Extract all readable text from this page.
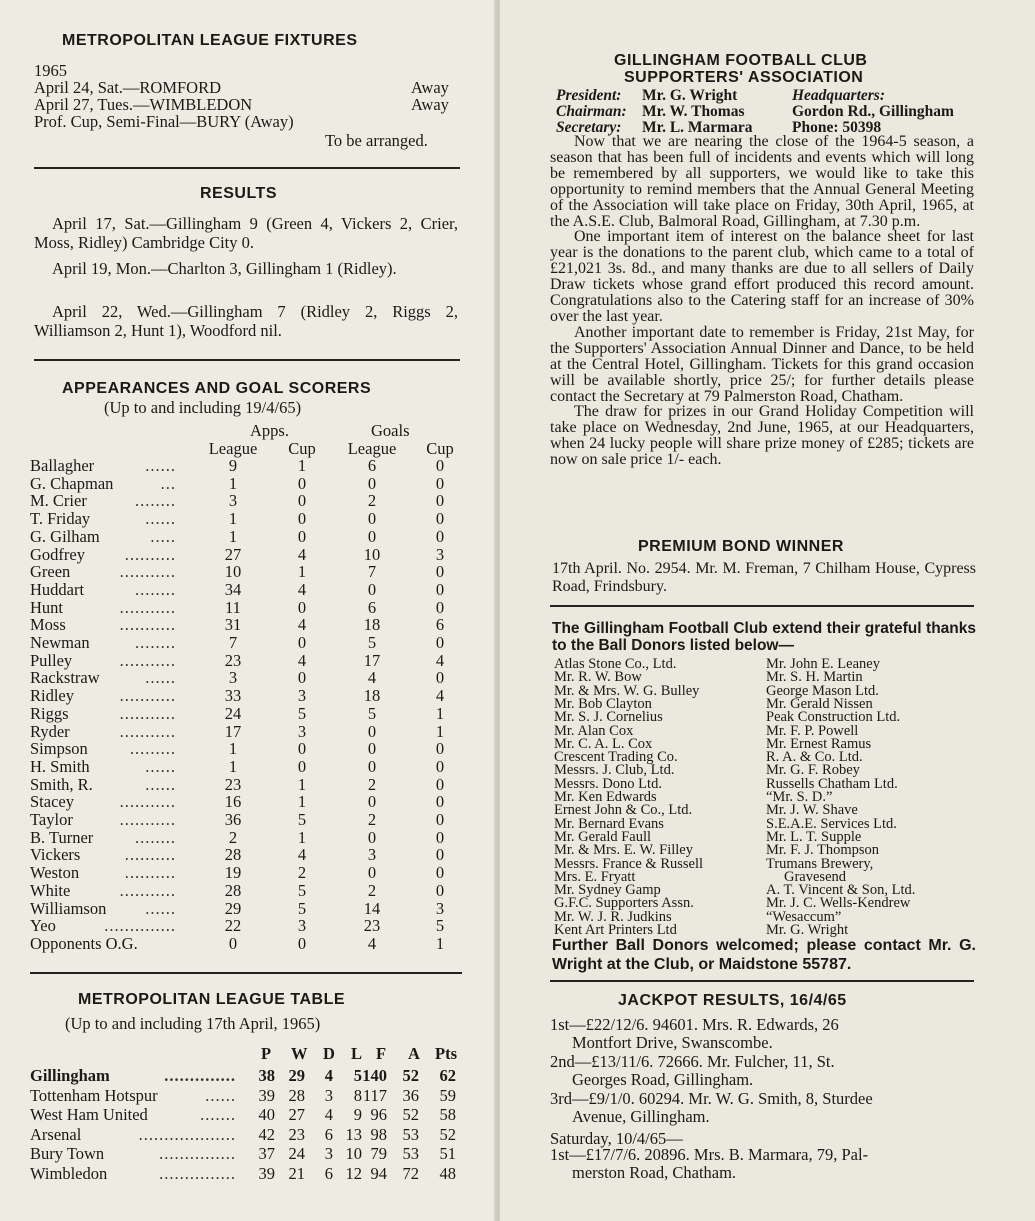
METROPOLITAN LEAGUE FIXTURES
1965
April 24, Sat.—ROMFORD	Away
April 27, Tues.—WIMBLEDON	Away
Prof. Cup, Semi-Final—BURY (Away)
To be arranged.
RESULTS

April 17, Sat.—Gillingham 9 (Green 4, Vickers 2, Crier, Moss, Ridley) Cambridge City 0.

April 19, Mon.—Charlton 3, Gillingham 1 (Ridley).

April 22, Wed.—Gillingham 7 (Ridley 2, Riggs 2, Williamson 2, Hunt 1), Woodford nil.

APPEARANCES AND GOAL SCORERS
(Up to and including 19/4/65)
Apps.	Goals
League	Cup	League	Cup
Ballagher	......	9	1	6	0
G. Chapman	...	1	0	0	0
M. Crier	........	3	0	2	0
T. Friday	......	1	0	0	0
G. Gilham	.....	1	0	0	0
Godfrey ..........	27	4	10	3
Green	...........	10	1	7	0
Huddart	........	34	4	0	0
Hunt	...........	11	0	6	0
Moss	...........	31	4	18	6
Newman	........	7	0	5	0
Pulley	...........	23	4	17	4
Rackstraw	......	3	0	4	0
Ridley	...........	33	3	18	4
Riggs	...........	24	5	5	1
Ryder	...........	17	3	0	1
Simpson	.........	1	0	0	0
H. Smith	......	1	0	0	0
Smith, R.	......	23	1	2	0
Stacey	...........	16	1	0	0
Taylor	...........	36	5	2	0
B. Turner	........	2	1	0	0
Vickers	..........	28	4	3	0
Weston	..........	19	2	0	0
White	...........	28	5	2	0
Williamson ......	29	5	14	3
Yeo	..............	22	3	23	5
Opponents O.G.	0	0	4	1
METROPOLITAN LEAGUE TABLE
(Up to and including 17th April, 1965)
P W D L F A Pts
Gillingham	.............. 38 29 4 5 140 52 62
Tottenham Hotspur	...... 39 28 3 8 117 36 59
West Ham United	....... 40 27 4 9 96 52 58
Arsenal	................... 42 23 6 13 98 53 52
Bury Town	............... 37 24 3 10 79 53 51
Wimbledon	............... 39 21 6 12 94 72 48
GILLINGHAM FOOTBALL CLUB
SUPPORTERS' ASSOCIATION
President: Mr. G. Wright	Headquarters:
Chairman: Mr. W. Thomas	Gordon Rd., Gillingham
Secretary: Mr. L. Marmara	Phone: 50398

Now that we are nearing the close of the 1964-5 season, a season that has been full of incidents and events which will long be remembered by all supporters, we would like to take this opportunity to remind members that the Annual General Meeting of the Association will take place on Friday, 30th April, 1965, at the A.S.E. Club, Balmoral Road, Gillingham, at 7.30 p.m.

One important item of interest on the balance sheet for last year is the donations to the parent club, which came to a total of £21,021 3s. 8d., and many thanks are due to all sellers of Daily Draw tickets whose grand effort produced this record amount. Congratulations also to the Catering staff for an increase of 30% over the last year.

Another important date to remember is Friday, 21st May, for the Supporters' Association Annual Dinner and Dance, to be held at the Central Hotel, Gillingham. Tickets for this grand occasion will be available shortly, price 25/; for further details please contact the Secretary at 79 Palmerston Road, Chatham.

The draw for prizes in our Grand Holiday Competition will take place on Wednesday, 2nd June, 1965, at our Headquarters, when 24 lucky people will share prize money of £285; tickets are now on sale price 1/- each.

PREMIUM BOND WINNER

17th April. No. 2954. Mr. M. Freman, 7 Chilham House, Cypress Road, Frindsbury.

The Gillingham Football Club extend their grateful thanks to the Ball Donors listed below—
Atlas Stone Co., Ltd.
Mr. R. W. Bow
Mr. & Mrs. W. G. Bulley
Mr. Bob Clayton
Mr. S. J. Cornelius
Mr. Alan Cox
Mr. C. A. L. Cox
Crescent Trading Co.
Messrs. J. Club, Ltd.
Messrs. Dono Ltd.
Mr. Ken Edwards
Ernest John & Co., Ltd.
Mr. Bernard Evans
Mr. Gerald Faull
Mr. & Mrs. E. W. Filley
Messrs. France & Russell
Mrs. E. Fryatt
Mr. Sydney Gamp
G.F.C. Supporters Assn.
Mr. W. J. R. Judkins
Kent Art Printers Ltd
Mr. John E. Leaney
Mr. S. H. Martin
George Mason Ltd.
Mr. Gerald Nissen
Peak Construction Ltd.
Mr. F. P. Powell
Mr. Ernest Ramus
R. A. & Co. Ltd.
Mr. G. F. Robey
Russells Chatham Ltd.
“Mr. S. D.”
Mr. J. W. Shave
S.E.A.E. Services Ltd.
Mr. L. T. Supple
Mr. F. J. Thompson
Trumans Brewery,
Gravesend
A. T. Vincent & Son, Ltd.
Mr. J. C. Wells-Kendrew
“Wesaccum”
Mr. G. Wright
Further Ball Donors welcomed; please contact Mr. G. Wright at the Club, or Maidstone 55787.
JACKPOT RESULTS, 16/4/65
1st—£22/12/6. 94601. Mrs. R. Edwards, 26
Montfort Drive, Swanscombe.
2nd—£13/11/6. 72666. Mr. Fulcher, 11, St.
Georges Road, Gillingham.
3rd—£9/1/0. 60294. Mr. W. G. Smith, 8, Sturdee
Avenue, Gillingham.
Saturday, 10/4/65—
1st—£17/7/6. 20896. Mrs. B. Marmara, 79, Pal-
merston Road, Chatham.
